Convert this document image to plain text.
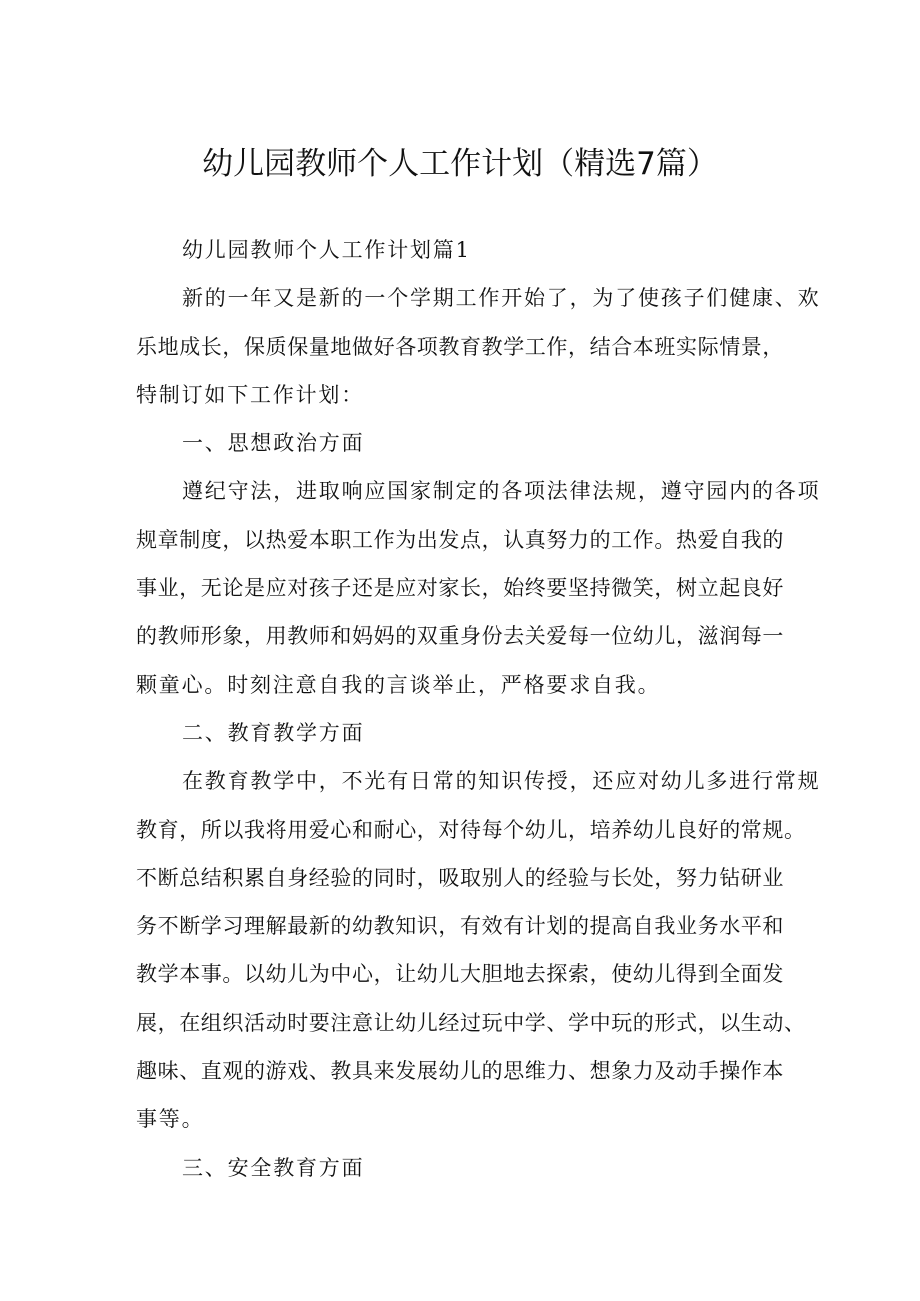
幼儿园教师个人工作计划（精选7篇）

幼儿园教师个人工作计划篇1

新的一年又是新的一个学期工作开始了，为了使孩子们健康、欢

乐地成长，保质保量地做好各项教育教学工作，结合本班实际情景，

特制订如下工作计划：

一、思想政治方面

遵纪守法，进取响应国家制定的各项法律法规，遵守园内的各项

规章制度，以热爱本职工作为出发点，认真努力的工作。热爱自我的

事业，无论是应对孩子还是应对家长，始终要坚持微笑，树立起良好

的教师形象，用教师和妈妈的双重身份去关爱每一位幼儿，滋润每一

颗童心。时刻注意自我的言谈举止，严格要求自我。

二、教育教学方面

在教育教学中，不光有日常的知识传授，还应对幼儿多进行常规

教育，所以我将用爱心和耐心，对待每个幼儿，培养幼儿良好的常规。

不断总结积累自身经验的同时，吸取别人的经验与长处，努力钻研业

务不断学习理解最新的幼教知识，有效有计划的提高自我业务水平和

教学本事。以幼儿为中心，让幼儿大胆地去探索，使幼儿得到全面发

展，在组织活动时要注意让幼儿经过玩中学、学中玩的形式，以生动、

趣味、直观的游戏、教具来发展幼儿的思维力、想象力及动手操作本

事等。

三、安全教育方面
